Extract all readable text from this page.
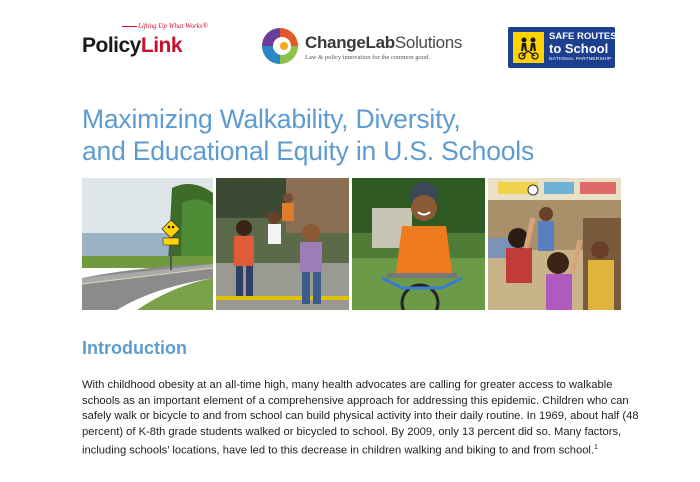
Lifting Up What Works®
PolicyLink	ChangeLabSolutions
Law & policy innovation for the common good.
SAFE ROUTES
to School
NATIONAL PARTNERSHIP
Maximizing Walkability, Diversity,
and Educational Equity in U.S. Schools
Introduction

With childhood obesity at an all-time high, many health advocates are calling for greater access to walkable schools as an important element of a comprehensive approach for addressing this epidemic. Children who can safely walk or bicycle to and from school can build physical activity into their daily routine. In 1969, about half (48 percent) of K-8th grade students walked or bicycled to school. By 2009, only 13 percent did so. Many factors, including schools’ locations, have led to this decrease in children walking and biking to and from school.$^1$
